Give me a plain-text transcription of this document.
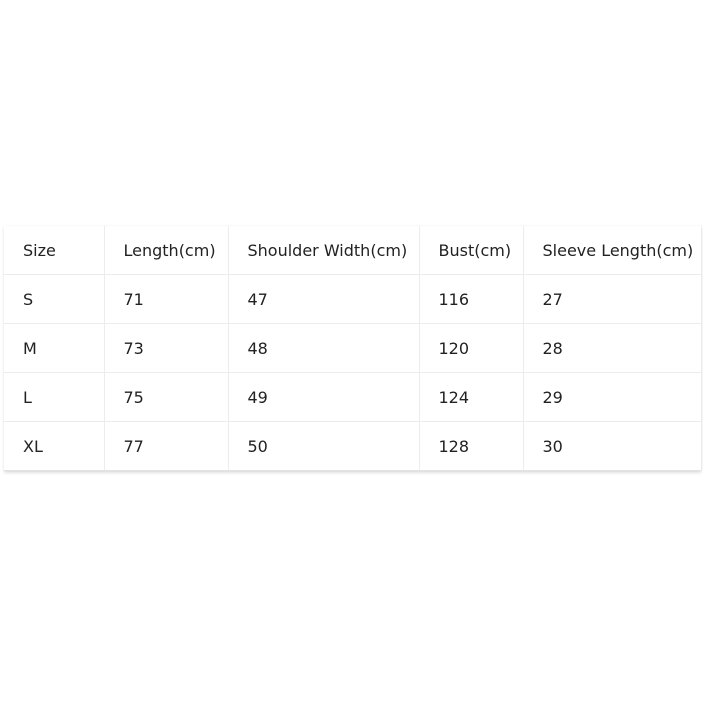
Size	Length(cm)	Shoulder Width(cm)	Bust(cm)	Sleeve Length(cm)
S	71	47	116	27
M	73	48	120	28
L	75	49	124	29
XL	77	50	128	30
